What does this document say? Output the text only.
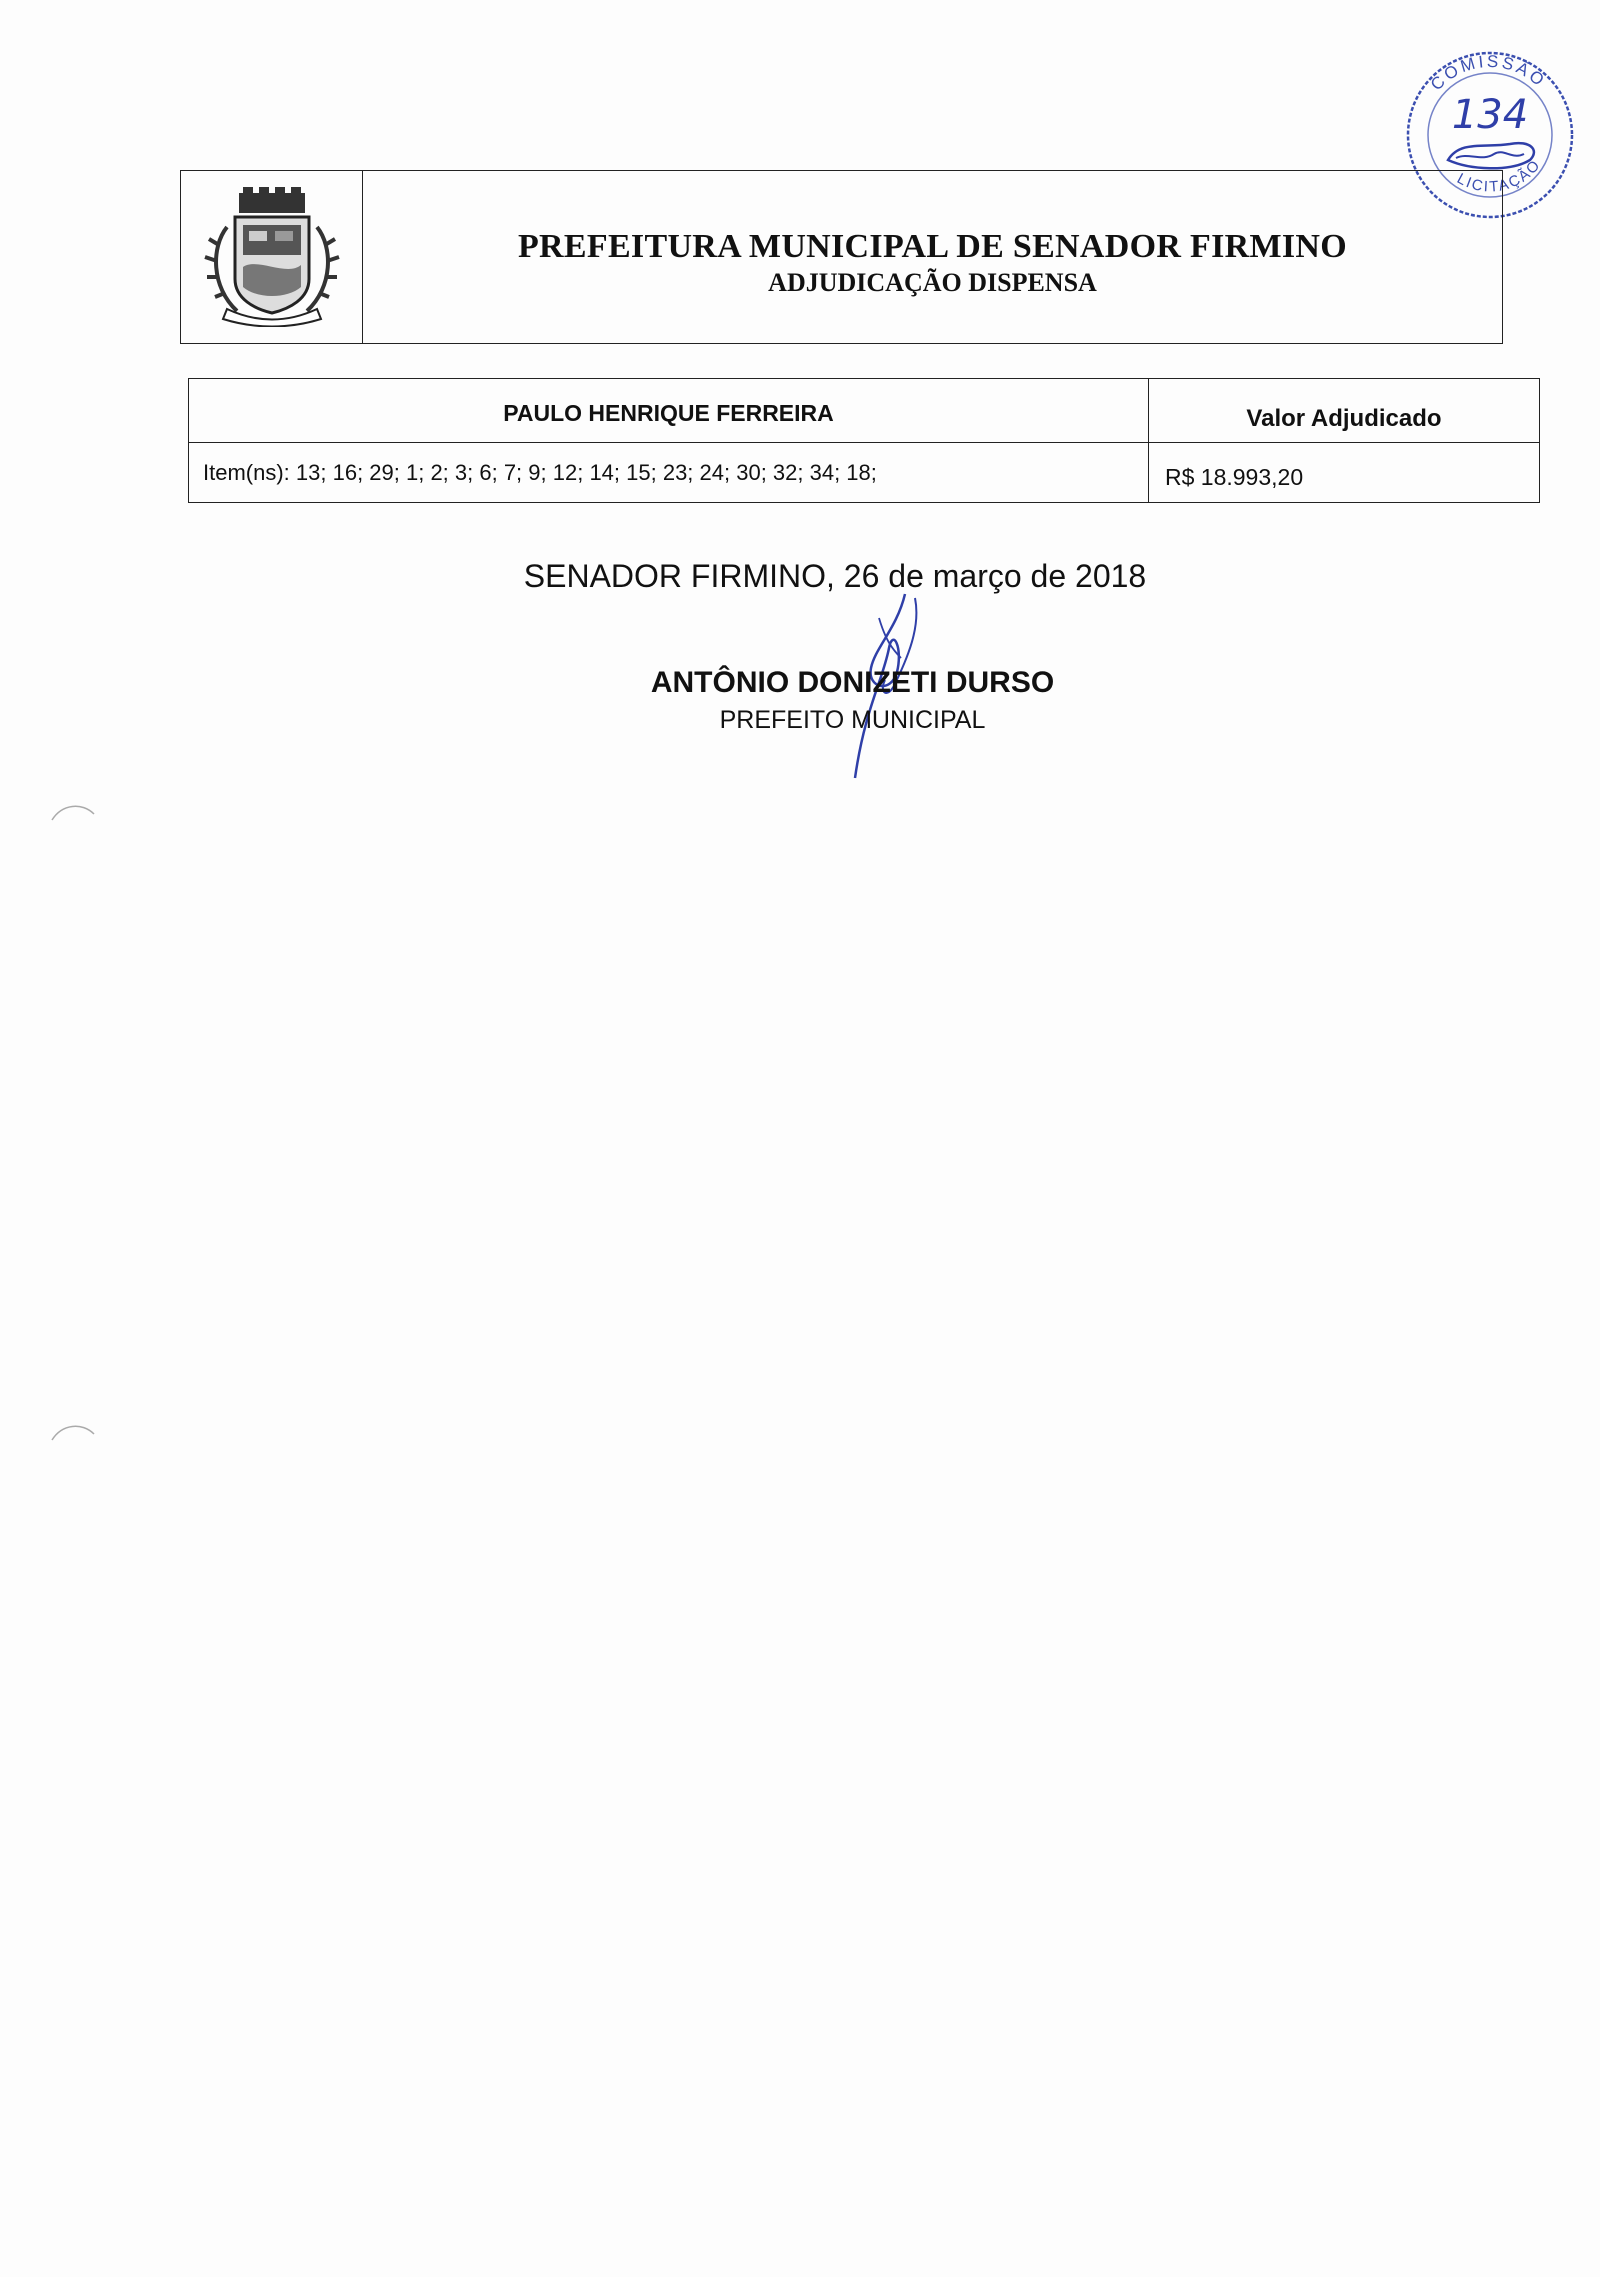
COMISSÃO
LICITAÇÃO
134
PREFEITURA MUNICIPAL DE SENADOR FIRMINO
ADJUDICAÇÃO DISPENSA
PAULO HENRIQUE FERREIRA	Valor Adjudicado
Item(ns): 13; 16; 29; 1; 2; 3; 6; 7; 9; 12; 14; 15; 23; 24; 30; 32; 34; 18;	R$ 18.993,20
SENADOR FIRMINO, 26 de março de 2018
ANTÔNIO DONIZETI DURSO
PREFEITO MUNICIPAL
